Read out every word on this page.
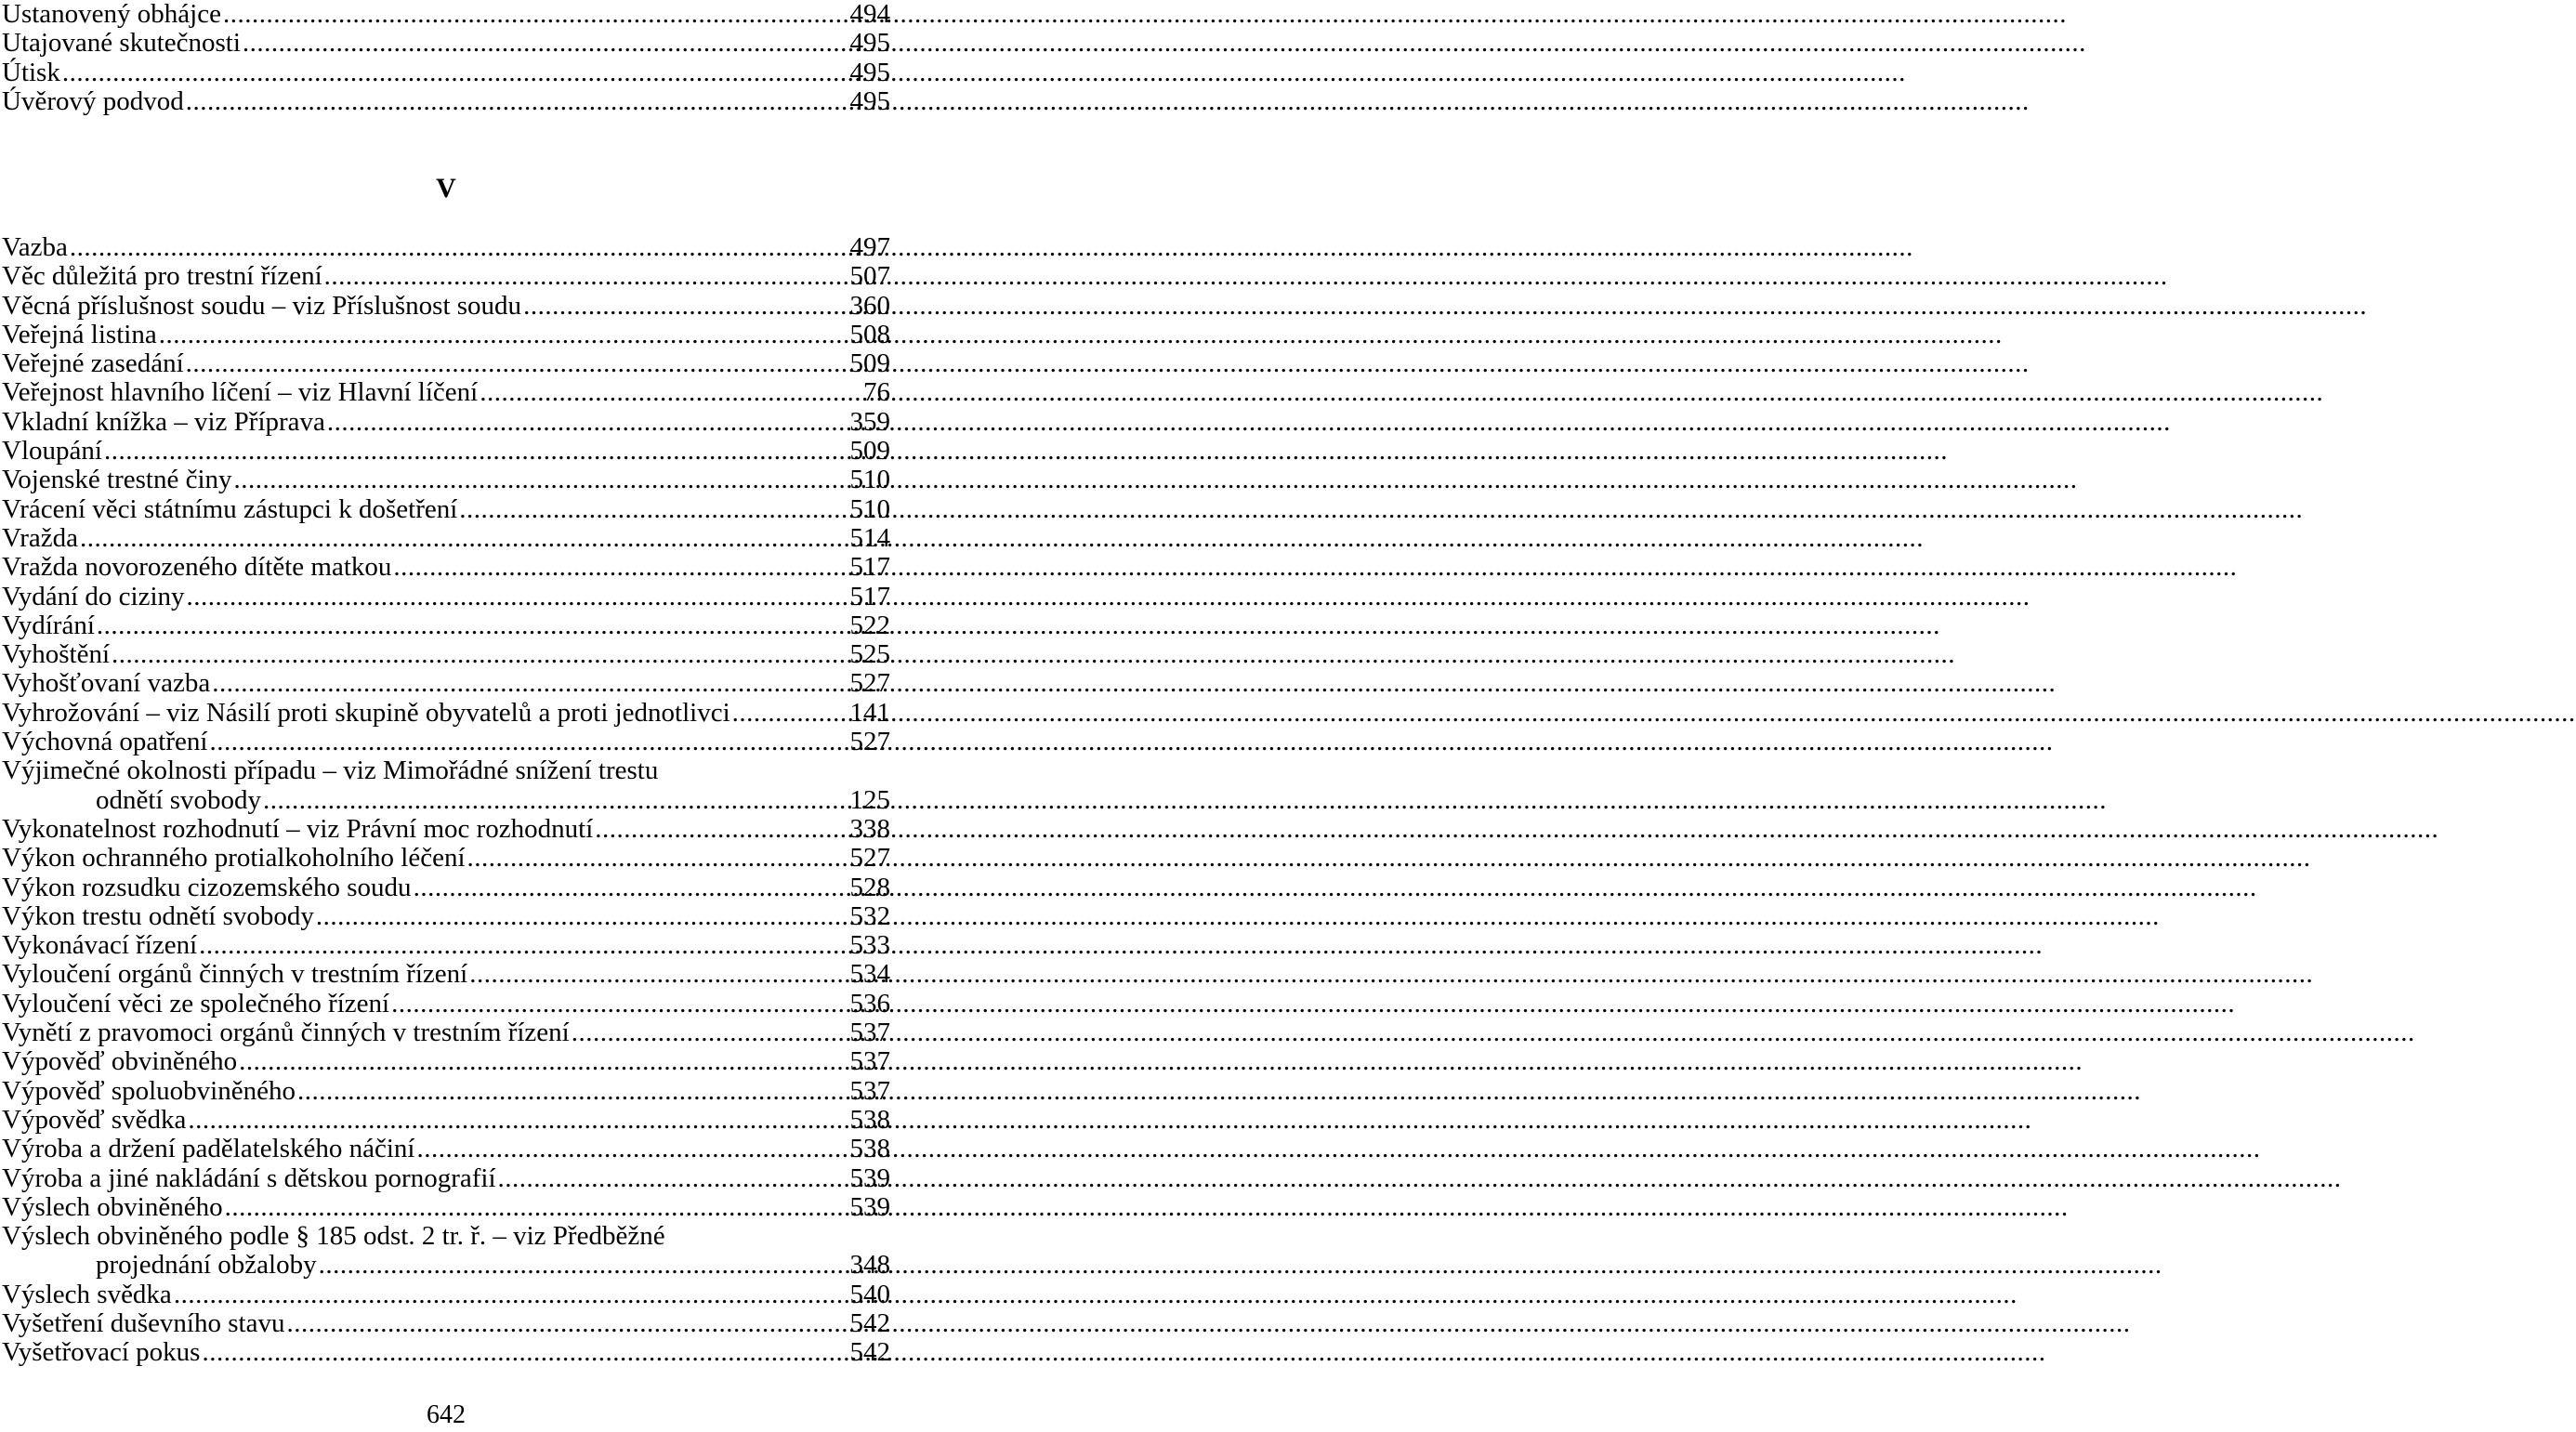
Ustanovený obhájce .....	494
Utajované skutečnosti .....	495
Útisk .....	495
Úvěrový podvod .....	495
V
Vazba .....	497
Věc důležitá pro trestní řízení .....	507
Věcná příslušnost soudu – viz Příslušnost soudu .....	360
Veřejná listina .....	508
Veřejné zasedání .....	509
Veřejnost hlavního líčení – viz Hlavní líčení .....	76
Vkladní knížka – viz Příprava .....	359
Vloupání .....	509
Vojenské trestné činy .....	510
Vrácení věci státnímu zástupci k došetření .....	510
Vražda .....	514
Vražda novorozeného dítěte matkou .....	517
Vydání do ciziny .....	517
Vydírání .....	522
Vyhoštění .....	525
Vyhošťovaní vazba .....	527
Vyhrožování – viz Násilí proti skupině obyvatelů a proti jednotlivci .....	141
Výchovná opatření .....	527
Výjimečné okolnosti případu – viz Mimořádné snížení trestu
odnětí svobody .....	125
Vykonatelnost rozhodnutí – viz Právní moc rozhodnutí .....	338
Výkon ochranného protialkoholního léčení .....	527
Výkon rozsudku cizozemského soudu .....	528
Výkon trestu odnětí svobody .....	532
Vykonávací řízení .....	533
Vyloučení orgánů činných v trestním řízení .....	534
Vyloučení věci ze společného řízení .....	536
Vynětí z pravomoci orgánů činných v trestním řízení .....	537
Výpověď obviněného .....	537
Výpověď spoluobviněného .....	537
Výpověď svědka .....	538
Výroba a držení padělatelského náčiní .....	538
Výroba a jiné nakládání s dětskou pornografií .....	539
Výslech obviněného .....	539
Výslech obviněného podle § 185 odst. 2 tr. ř. – viz Předběžné
projednání obžaloby .....	348
Výslech svědka .....	540
Vyšetření duševního stavu .....	542
Vyšetřovací pokus .....	542
642
